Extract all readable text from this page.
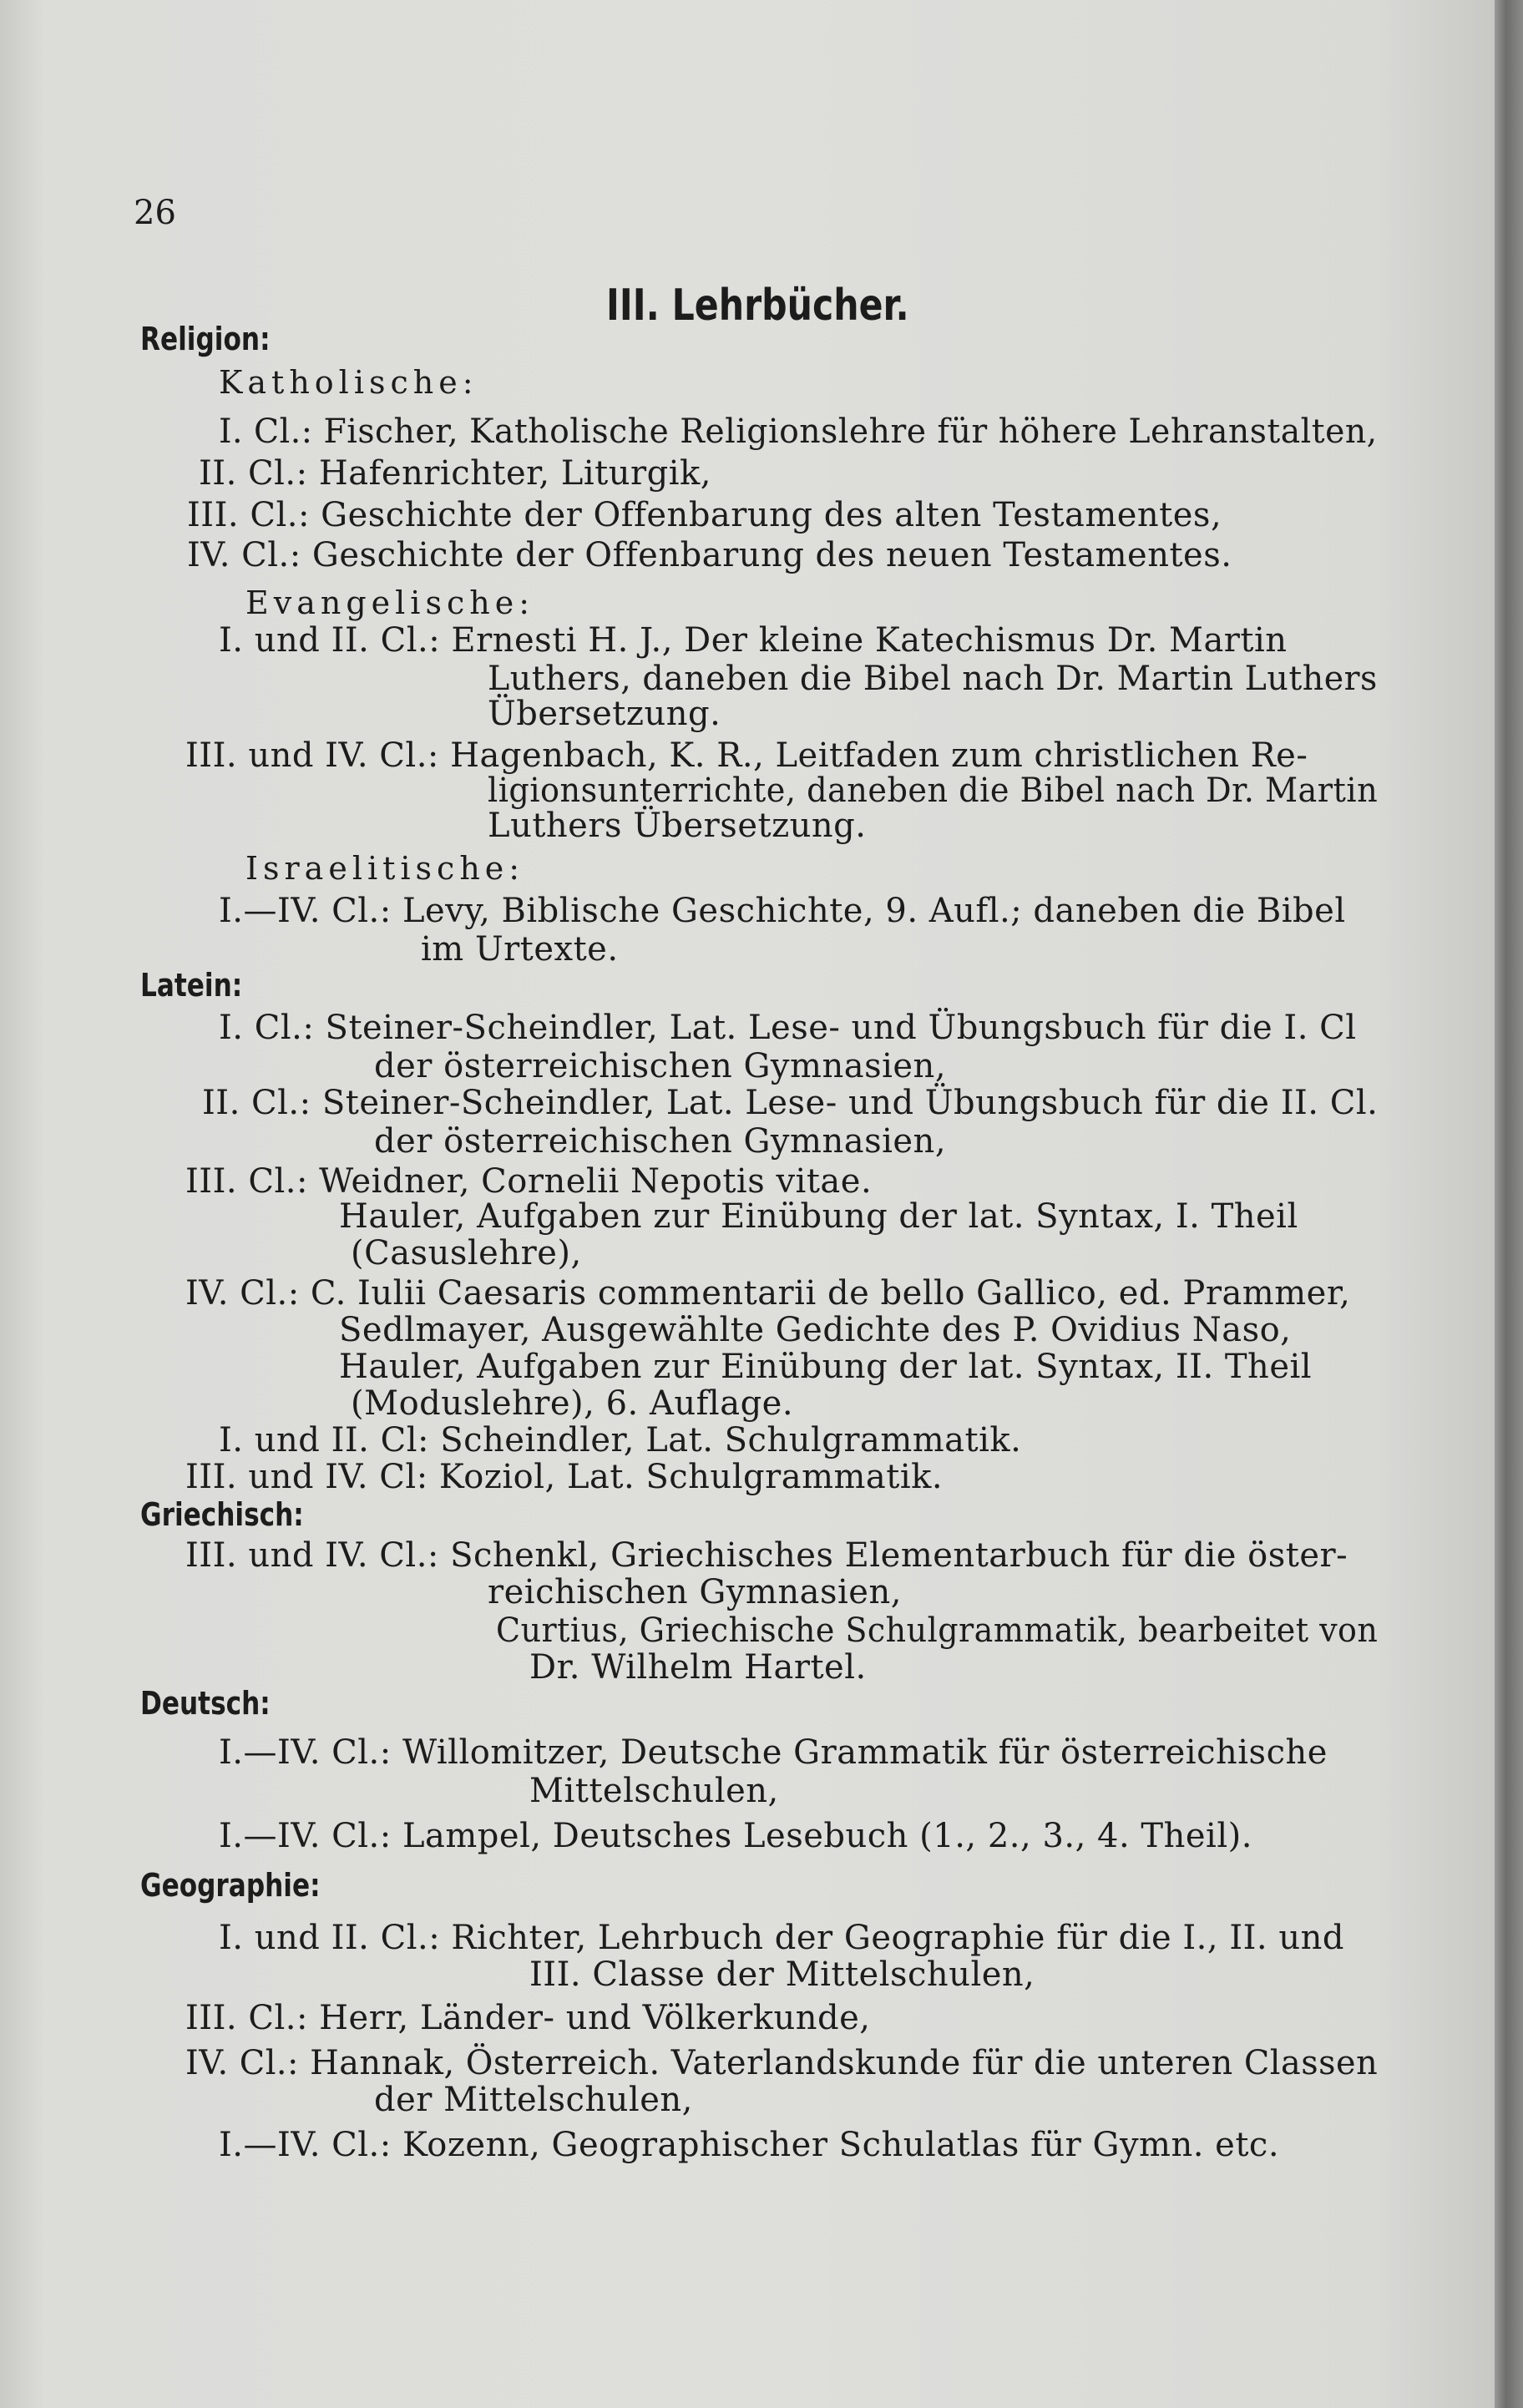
26
III. Lehrbücher.
Religion:
Katholische:
I. Cl.: Fischer, Katholische Religionslehre für höhere Lehranstalten,
II. Cl.: Hafenrichter, Liturgik,
III. Cl.: Geschichte der Offenbarung des alten Testamentes,
IV. Cl.: Geschichte der Offenbarung des neuen Testamentes.
Evangelische:
I. und II. Cl.: Ernesti H. J., Der kleine Katechismus Dr. Martin
Luthers, daneben die Bibel nach Dr. Martin Luthers
Übersetzung.
III. und IV. Cl.: Hagenbach, K. R., Leitfaden zum christlichen Re-
ligionsunterrichte, daneben die Bibel nach Dr. Martin
Luthers Übersetzung.
Israelitische:
I.—IV. Cl.: Levy, Biblische Geschichte, 9. Aufl.; daneben die Bibel
im Urtexte.
Latein:
I. Cl.: Steiner-Scheindler, Lat. Lese- und Übungsbuch für die I. Cl
der österreichischen Gymnasien,
II. Cl.: Steiner-Scheindler, Lat. Lese- und Übungsbuch für die II. Cl.
der österreichischen Gymnasien,
III. Cl.: Weidner, Cornelii Nepotis vitae.
Hauler, Aufgaben zur Einübung der lat. Syntax, I. Theil
(Casuslehre),
IV. Cl.: C. Iulii Caesaris commentarii de bello Gallico, ed. Prammer,
Sedlmayer, Ausgewählte Gedichte des P. Ovidius Naso,
Hauler, Aufgaben zur Einübung der lat. Syntax, II. Theil
(Moduslehre), 6. Auflage.
I. und II. Cl: Scheindler, Lat. Schulgrammatik.
III. und IV. Cl: Koziol, Lat. Schulgrammatik.
Griechisch:
III. und IV. Cl.: Schenkl, Griechisches Elementarbuch für die öster-
reichischen Gymnasien,
Curtius, Griechische Schulgrammatik, bearbeitet von
Dr. Wilhelm Hartel.
Deutsch:
I.—IV. Cl.: Willomitzer, Deutsche Grammatik für österreichische
Mittelschulen,
I.—IV. Cl.: Lampel, Deutsches Lesebuch (1., 2., 3., 4. Theil).
Geographie:
I. und II. Cl.: Richter, Lehrbuch der Geographie für die I., II. und
III. Classe der Mittelschulen,
III. Cl.: Herr, Länder- und Völkerkunde,
IV. Cl.: Hannak, Österreich. Vaterlandskunde für die unteren Classen
der Mittelschulen,
I.—IV. Cl.: Kozenn, Geographischer Schulatlas für Gymn. etc.
